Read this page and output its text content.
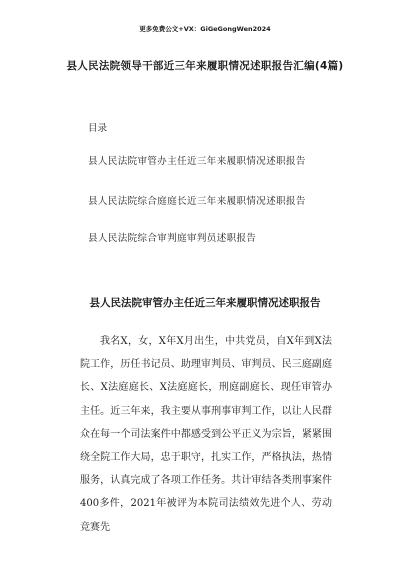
更多免费公文+VX：GiGeGongWen2024
县人民法院领导干部近三年来履职情况述职报告汇编(4篇)
目录
县人民法院审管办主任近三年来履职情况述职报告
县人民法院综合庭庭长近三年来履职情况述职报告
县人民法院综合审判庭审判员述职报告
县人民法院审管办主任近三年来履职情况述职报告

我名X，女，X年X月出生，中共党员，自X年到X法院工作，历任书记员、助理审判员、审判员、民三庭副庭长、X法庭庭长、X法庭庭长，刑庭副庭长、现任审管办主任。近三年来，我主要从事刑事审判工作，以让人民群众在每一个司法案件中都感受到公平正义为宗旨，紧紧围绕全院工作大局，忠于职守，扎实工作，严格执法，热情服务，认真完成了各项工作任务。共计审结各类刑事案件400多件，2021年被评为本院司法绩效先进个人、劳动竞赛先
